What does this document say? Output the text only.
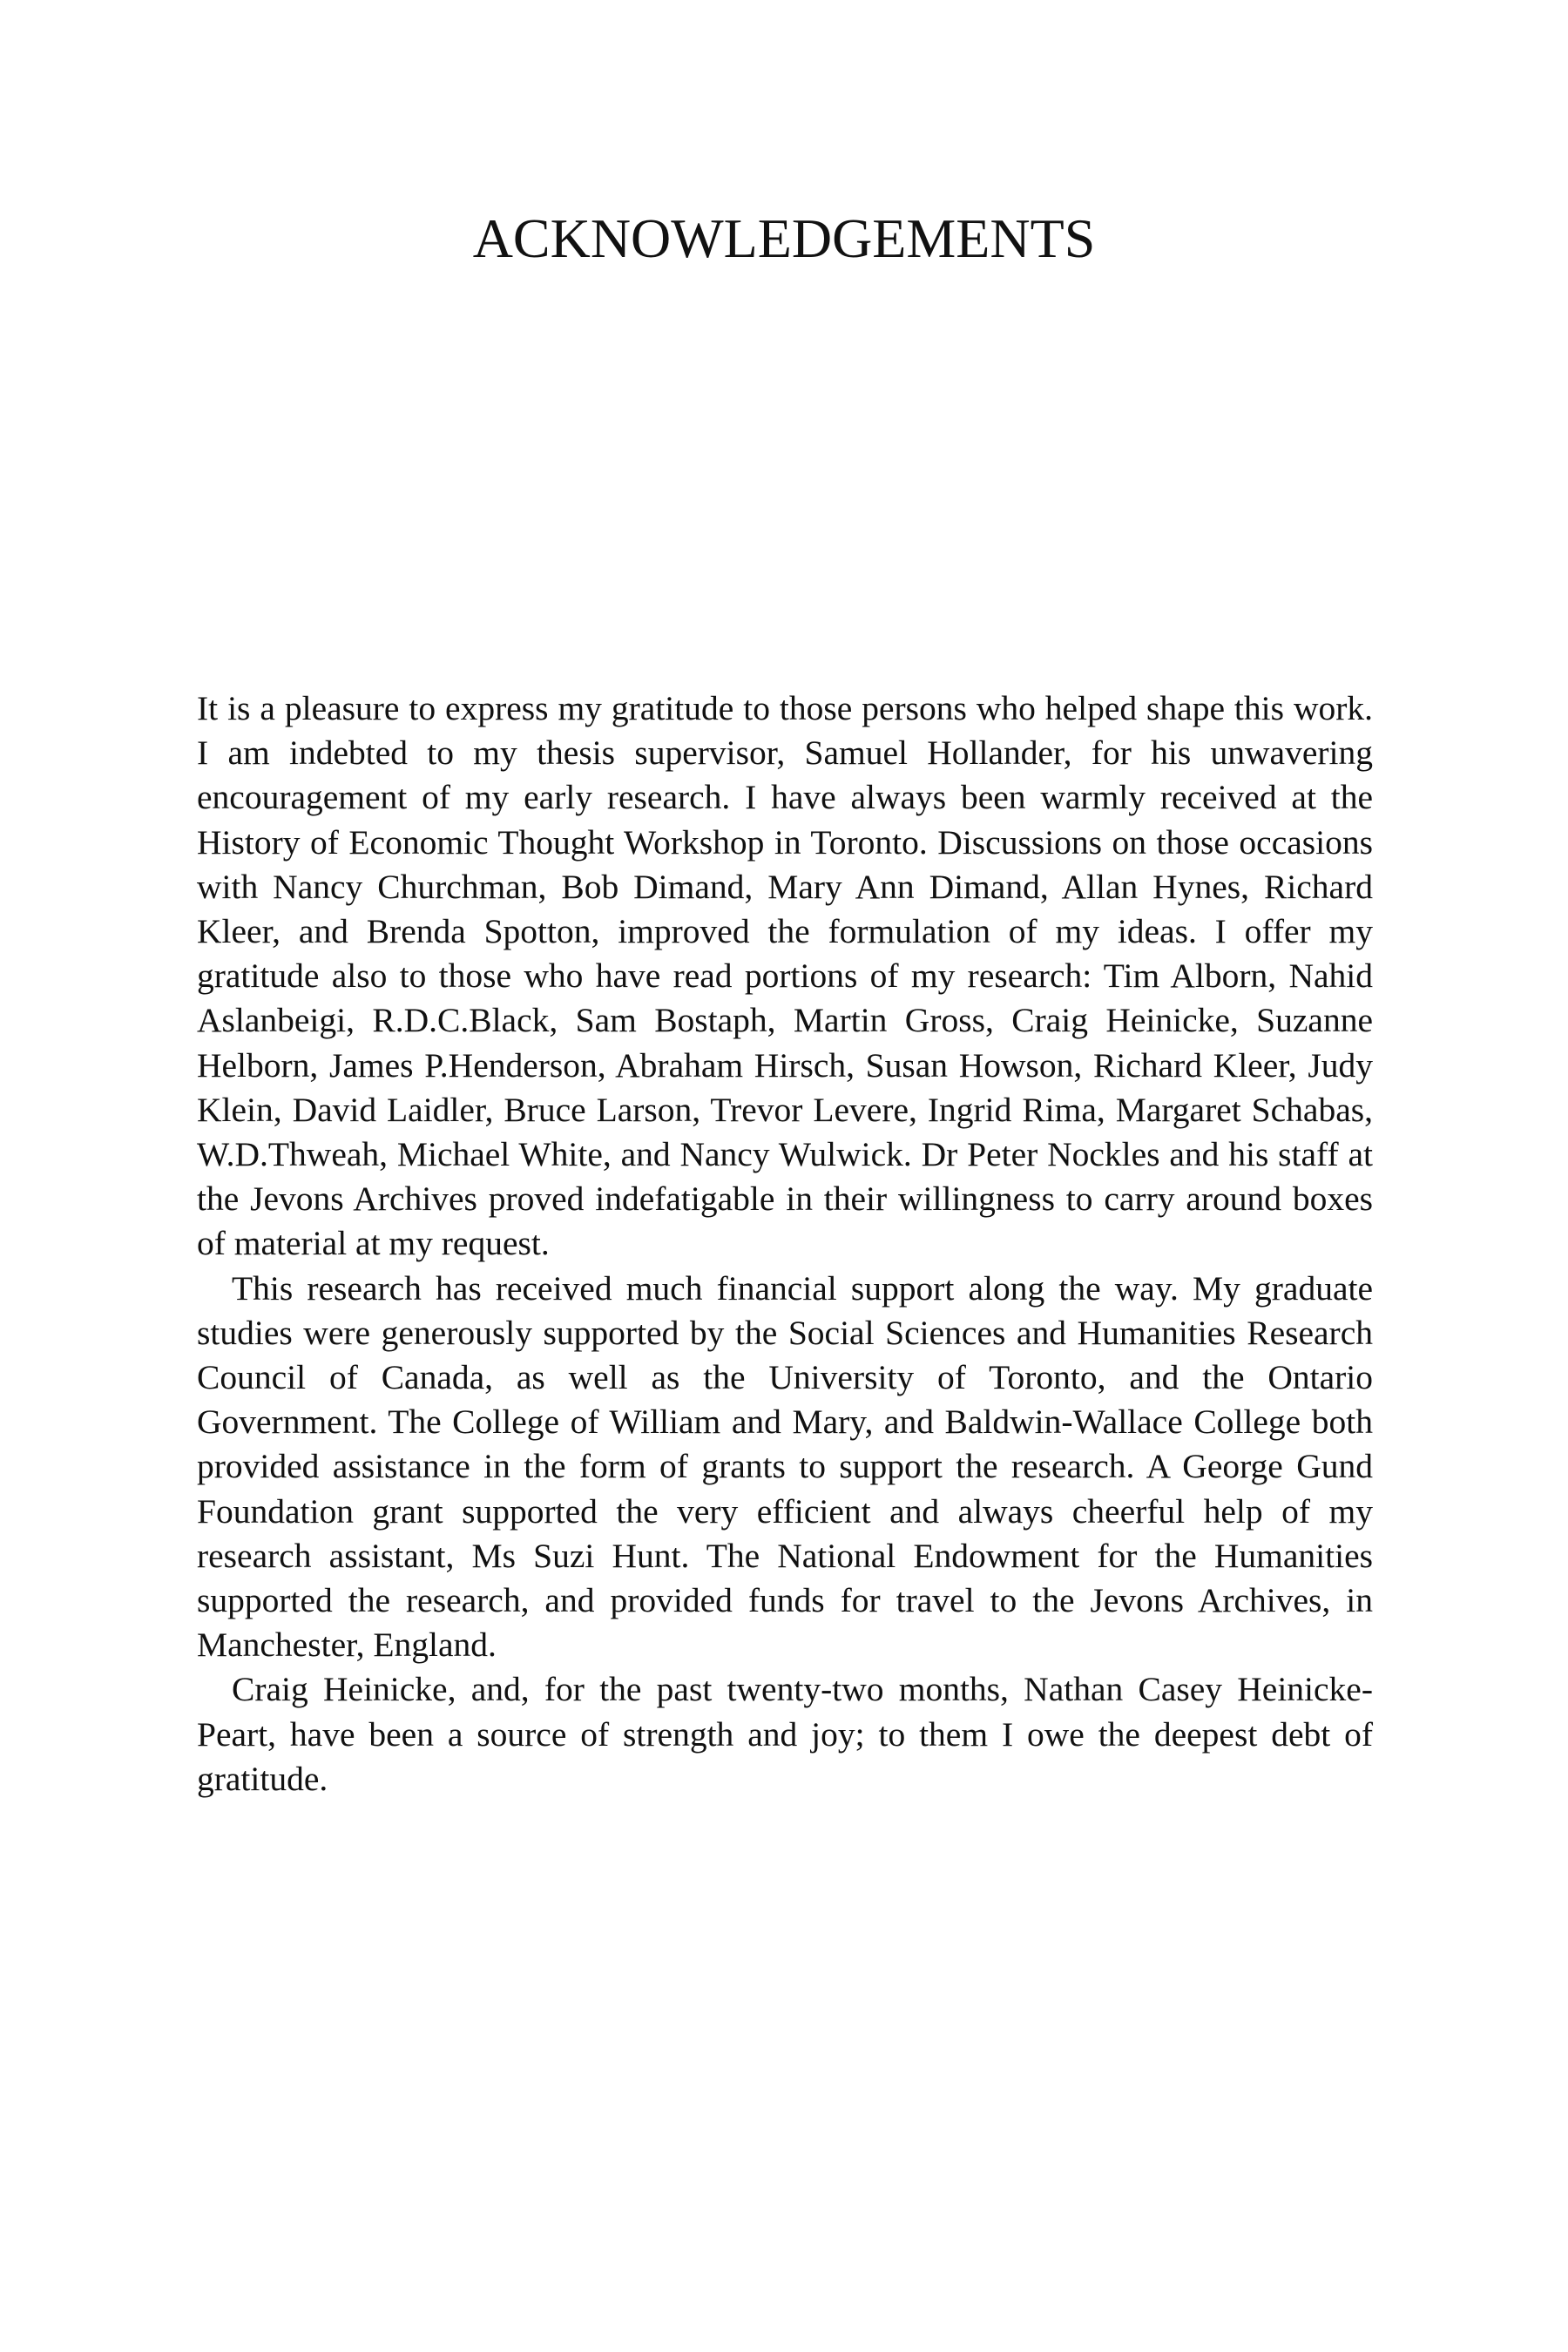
ACKNOWLEDGEMENTS

It is a pleasure to express my gratitude to those persons who helped shape this work. I am indebted to my thesis supervisor, Samuel Hollander, for his unwavering encouragement of my early research. I have always been warmly received at the History of Economic Thought Workshop in Toronto. Discussions on those occasions with Nancy Churchman, Bob Dimand, Mary Ann Dimand, Allan Hynes, Richard Kleer, and Brenda Spotton, improved the formulation of my ideas. I offer my gratitude also to those who have read portions of my research: Tim Alborn, Nahid Aslanbeigi, R.D.C.Black, Sam Bostaph, Martin Gross, Craig Heinicke, Suzanne Helborn, James P.Henderson, Abraham Hirsch, Susan Howson, Richard Kleer, Judy Klein, David Laidler, Bruce Larson, Trevor Levere, Ingrid Rima, Margaret Schabas, W.D.Thweah, Michael White, and Nancy Wulwick. Dr Peter Nockles and his staff at the Jevons Archives proved indefatigable in their willingness to carry around boxes of material at my request.

This research has received much financial support along the way. My graduate studies were generously supported by the Social Sciences and Humanities Research Council of Canada, as well as the University of Toronto, and the Ontario Government. The College of William and Mary, and Baldwin-Wallace College both provided assistance in the form of grants to support the research. A George Gund Foundation grant supported the very efficient and always cheerful help of my research assistant, Ms Suzi Hunt. The National Endowment for the Humanities supported the research, and provided funds for travel to the Jevons Archives, in Manchester, England.

Craig Heinicke, and, for the past twenty-two months, Nathan Casey Heinicke-Peart, have been a source of strength and joy; to them I owe the deepest debt of gratitude.
